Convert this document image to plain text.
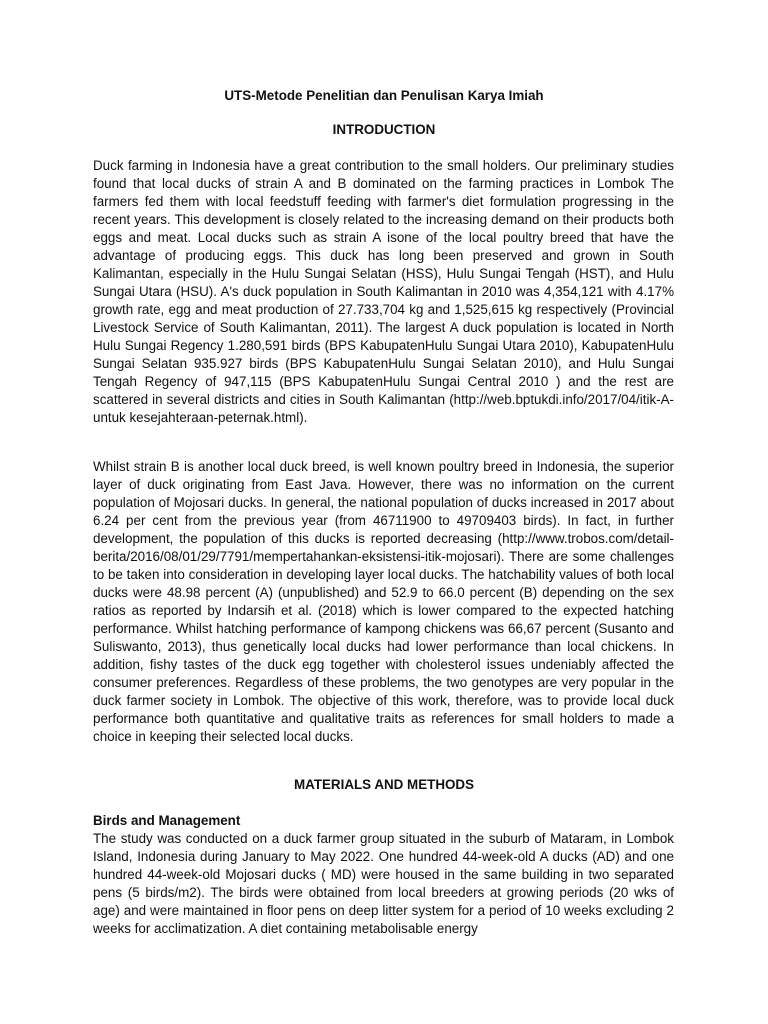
UTS-Metode Penelitian dan Penulisan Karya Imiah
INTRODUCTION

Duck farming in Indonesia have a great contribution to the small holders. Our preliminary studies found that local ducks of strain A and B dominated on the farming practices in Lombok The farmers fed them with local feedstuff feeding with farmer's diet formulation progressing in the recent years. This development is closely related to the increasing demand on their products both eggs and meat. Local ducks such as strain A isone of the local poultry breed that have the advantage of producing eggs. This duck has long been preserved and grown in South Kalimantan, especially in the Hulu Sungai Selatan (HSS), Hulu Sungai Tengah (HST), and Hulu Sungai Utara (HSU). A's duck population in South Kalimantan in 2010 was 4,354,121 with 4.17% growth rate, egg and meat production of 27.733,704 kg and 1,525,615 kg respectively (Provincial Livestock Service of South Kalimantan, 2011). The largest A duck population is located in North Hulu Sungai Regency 1.280,591 birds (BPS KabupatenHulu Sungai Utara 2010), KabupatenHulu Sungai Selatan 935.927 birds (BPS KabupatenHulu Sungai Selatan 2010), and Hulu Sungai Tengah Regency of 947,115 (BPS KabupatenHulu Sungai Central 2010 ) and the rest are scattered in several districts and cities in South Kalimantan (http://web.bptukdi.info/2017/04/itik-A-untuk kesejahteraan-peternak.html).

Whilst strain B is another local duck breed, is well known poultry breed in Indonesia, the superior layer of duck originating from East Java. However, there was no information on the current population of Mojosari ducks. In general, the national population of ducks increased in 2017 about 6.24 per cent from the previous year (from 46711900 to 49709403 birds). In fact, in further development, the population of this ducks is reported decreasing (http://www.trobos.com/detail-berita/2016/08/01/29/7791/mempertahankan-eksistensi-itik-mojosari). There are some challenges to be taken into consideration in developing layer local ducks. The hatchability values of both local ducks were 48.98 percent (A) (unpublished) and 52.9 to 66.0 percent (B) depending on the sex ratios as reported by Indarsih et al. (2018) which is lower compared to the expected hatching performance. Whilst hatching performance of kampong chickens was 66,67 percent (Susanto and Suliswanto, 2013), thus genetically local ducks had lower performance than local chickens. In addition, fishy tastes of the duck egg together with cholesterol issues undeniably affected the consumer preferences. Regardless of these problems, the two genotypes are very popular in the duck farmer society in Lombok. The objective of this work, therefore, was to provide local duck performance both quantitative and qualitative traits as references for small holders to made a choice in keeping their selected local ducks.

MATERIALS AND METHODS
Birds and Management

The study was conducted on a duck farmer group situated in the suburb of Mataram, in Lombok Island, Indonesia during January to May 2022. One hundred 44-week-old A ducks (AD) and one hundred 44-week-old Mojosari ducks ( MD) were housed in the same building in two separated pens (5 birds/m2). The birds were obtained from local breeders at growing periods (20 wks of age) and were maintained in floor pens on deep litter system for a period of 10 weeks excluding 2 weeks for acclimatization. A diet containing metabolisable energy
